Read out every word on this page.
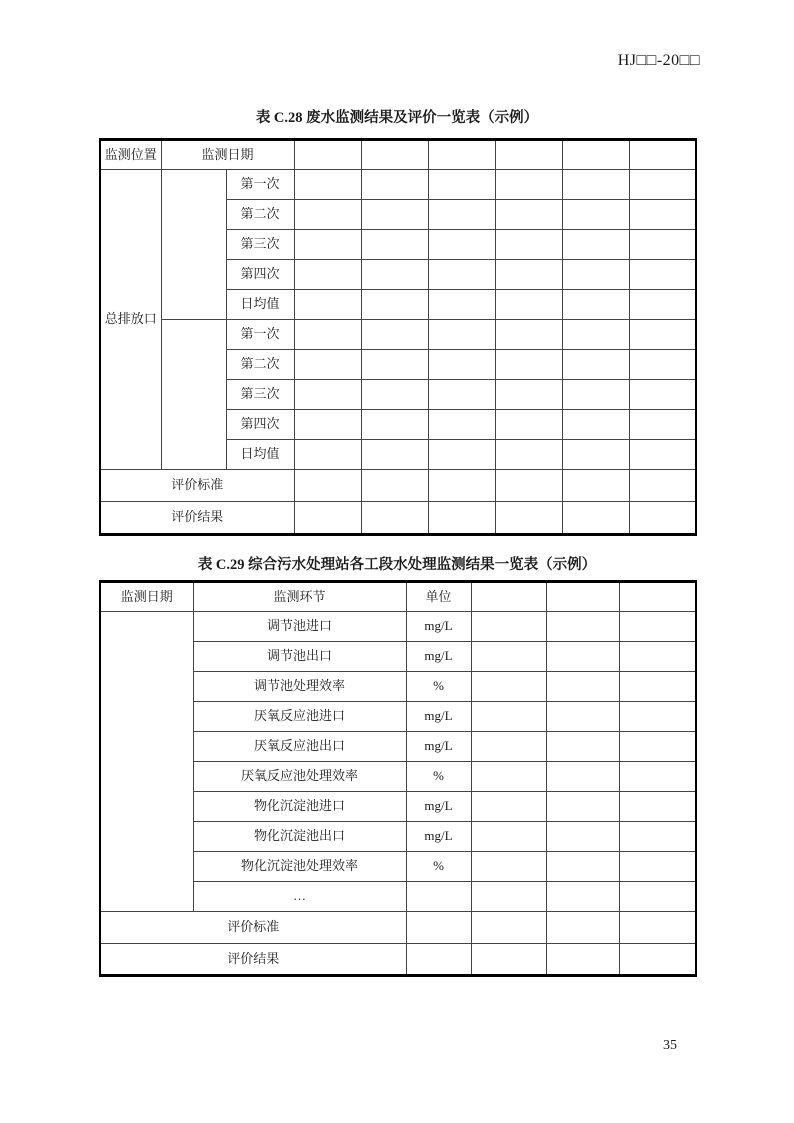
HJ□□-20□□
表 C.28 废水监测结果及评价一览表（示例）
监测位置	监测日期							
总排放口		第一次						
		第二次						
		第三次						
		第四次						
		日均值						
		第一次						
		第二次						
		第三次						
		第四次						
		日均值						
评价标准								
评价结果								
表 C.29 综合污水处理站各工段水处理监测结果一览表（示例）
监测日期	监测环节	单位			
	调节池进口	mg/L			
	调节池出口	mg/L			
	调节池处理效率	%			
	厌氧反应池进口	mg/L			
	厌氧反应池出口	mg/L			
	厌氧反应池处理效率	%			
	物化沉淀池进口	mg/L			
	物化沉淀池出口	mg/L			
	物化沉淀池处理效率	%			
	…				
评价标准					
评价结果					
35
